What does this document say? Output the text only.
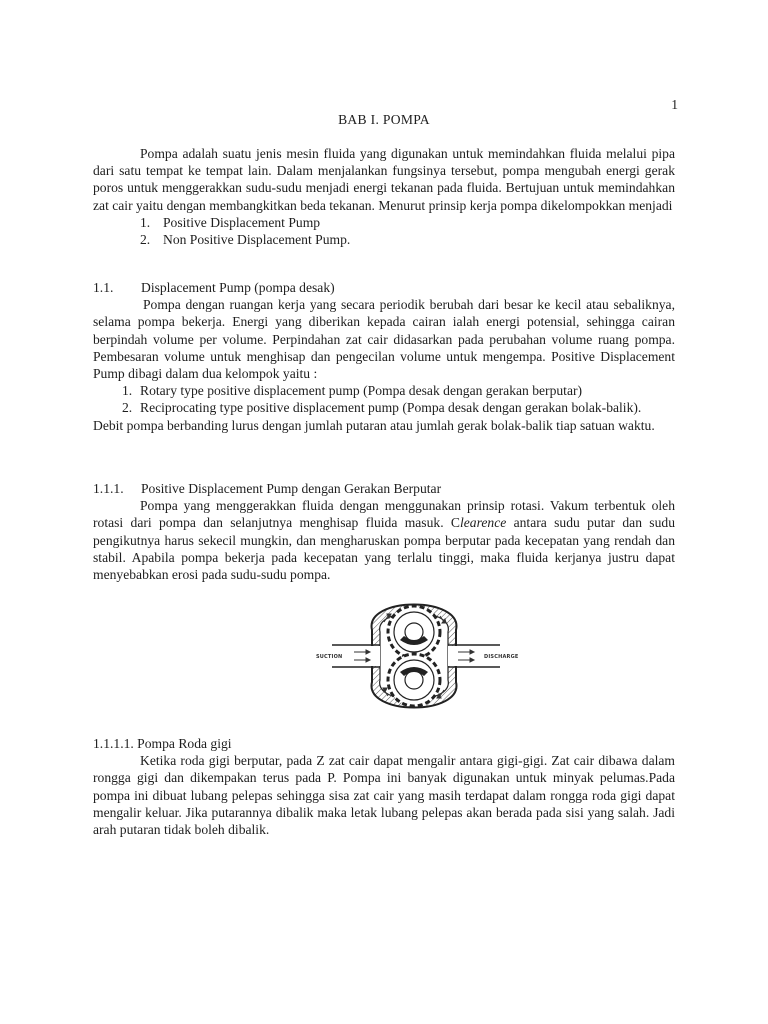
1
BAB I. POMPA

Pompa adalah suatu jenis mesin fluida yang digunakan untuk memindahkan fluida melalui pipa dari satu tempat ke tempat lain. Dalam menjalankan fungsinya tersebut, pompa mengubah energi gerak poros untuk menggerakkan sudu-sudu menjadi energi tekanan pada fluida. Bertujuan untuk memindahkan zat cair yaitu dengan membangkitkan beda tekanan. Menurut prinsip kerja pompa dikelompokkan menjadi

1. Positive Displacement Pump
2. Non Positive Displacement Pump.
1.1.	Displacement Pump (pompa desak)

Pompa dengan ruangan kerja yang secara periodik berubah dari besar ke kecil atau sebaliknya, selama pompa bekerja. Energi yang diberikan kepada cairan ialah energi potensial, sehingga cairan berpindah volume per volume. Perpindahan zat cair didasarkan pada perubahan volume ruang pompa. Pembesaran volume untuk menghisap dan pengecilan volume untuk mengempa. Positive Displacement Pump dibagi dalam dua kelompok yaitu :

1. Rotary type positive displacement pump (Pompa desak dengan gerakan berputar)
2. Reciprocating type positive displacement pump (Pompa desak dengan gerakan bolak-balik).

Debit pompa berbanding lurus dengan jumlah putaran atau jumlah gerak bolak-balik tiap satuan waktu.

1.1.1.	Positive Displacement Pump dengan Gerakan Berputar

Pompa yang menggerakkan fluida dengan menggunakan prinsip rotasi. Vakum terbentuk oleh rotasi dari pompa dan selanjutnya menghisap fluida masuk. Clearence antara sudu putar dan sudu pengikutnya harus sekecil mungkin, dan mengharuskan pompa berputar pada kecepatan yang rendah dan stabil. Apabila pompa bekerja pada kecepatan yang terlalu tinggi, maka fluida kerjanya justru dapat menyebabkan erosi pada sudu-sudu pompa.

SUCTION	DISCHARGE
1.1.1.1. Pompa Roda gigi

Ketika roda gigi berputar, pada Z zat cair dapat mengalir antara gigi-gigi. Zat cair dibawa dalam rongga gigi dan dikempakan terus pada P. Pompa ini banyak digunakan untuk minyak pelumas.Pada pompa ini dibuat lubang pelepas sehingga sisa zat cair yang masih terdapat dalam rongga roda gigi dapat mengalir keluar. Jika putarannya dibalik maka letak lubang pelepas akan berada pada sisi yang salah. Jadi arah putaran tidak boleh dibalik.
